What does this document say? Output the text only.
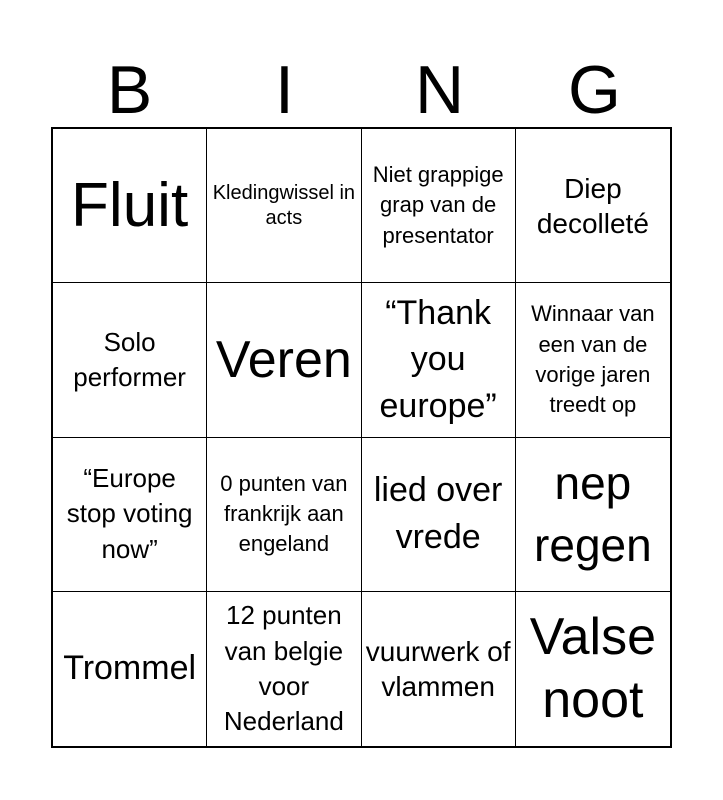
B	I	N	G
Fluit Kledingwissel in acts
Niet grappige grap van de presentator
Diep decolleté
Solo performer Veren
“Thank you europe”
Winnaar van een van de vorige jaren treedt op
“Europe stop voting now”
0 punten van frankrijk aan engeland
lied over vrede
nep regen
Trommel
12 punten van belgie voor Nederland
vuurwerk of vlammen
Valse noot
